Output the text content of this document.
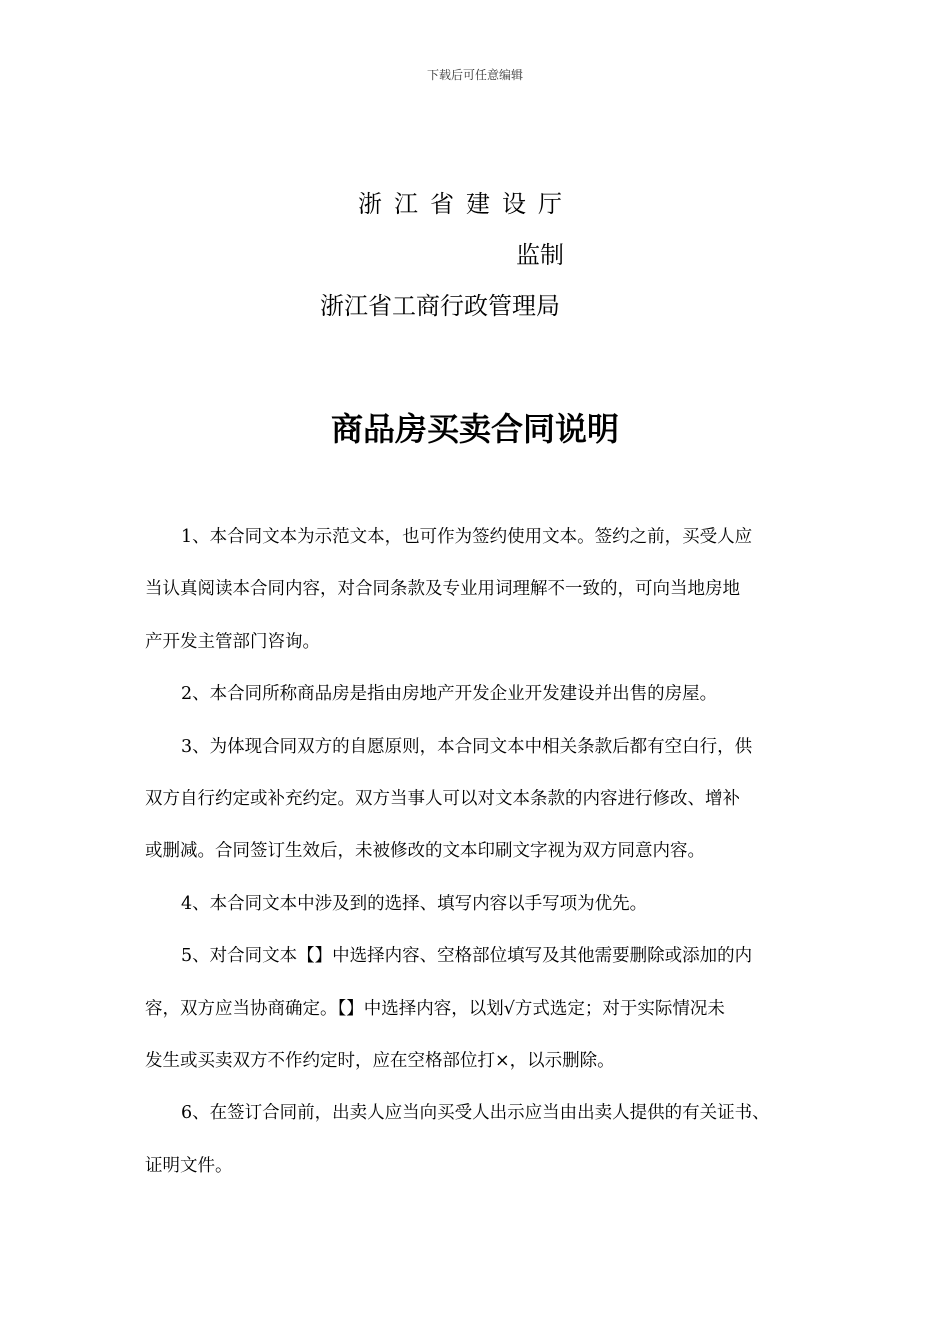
下载后可任意编辑
浙江省建设厅
监制
浙江省工商行政管理局
商品房买卖合同说明
1、本合同文本为示范文本，也可作为签约使用文本。签约之前，买受人应
当认真阅读本合同内容，对合同条款及专业用词理解不一致的，可向当地房地
产开发主管部门咨询。
2、本合同所称商品房是指由房地产开发企业开发建设并出售的房屋。
3、为体现合同双方的自愿原则，本合同文本中相关条款后都有空白行，供
双方自行约定或补充约定。双方当事人可以对文本条款的内容进行修改、增补
或删减。合同签订生效后，未被修改的文本印刷文字视为双方同意内容。
4、本合同文本中涉及到的选择、填写内容以手写项为优先。
5、对合同文本【】中选择内容、空格部位填写及其他需要删除或添加的内
容，双方应当协商确定。【】中选择内容，以划√方式选定；对于实际情况未
发生或买卖双方不作约定时，应在空格部位打×，以示删除。
6、在签订合同前，出卖人应当向买受人出示应当由出卖人提供的有关证书、
证明文件。
